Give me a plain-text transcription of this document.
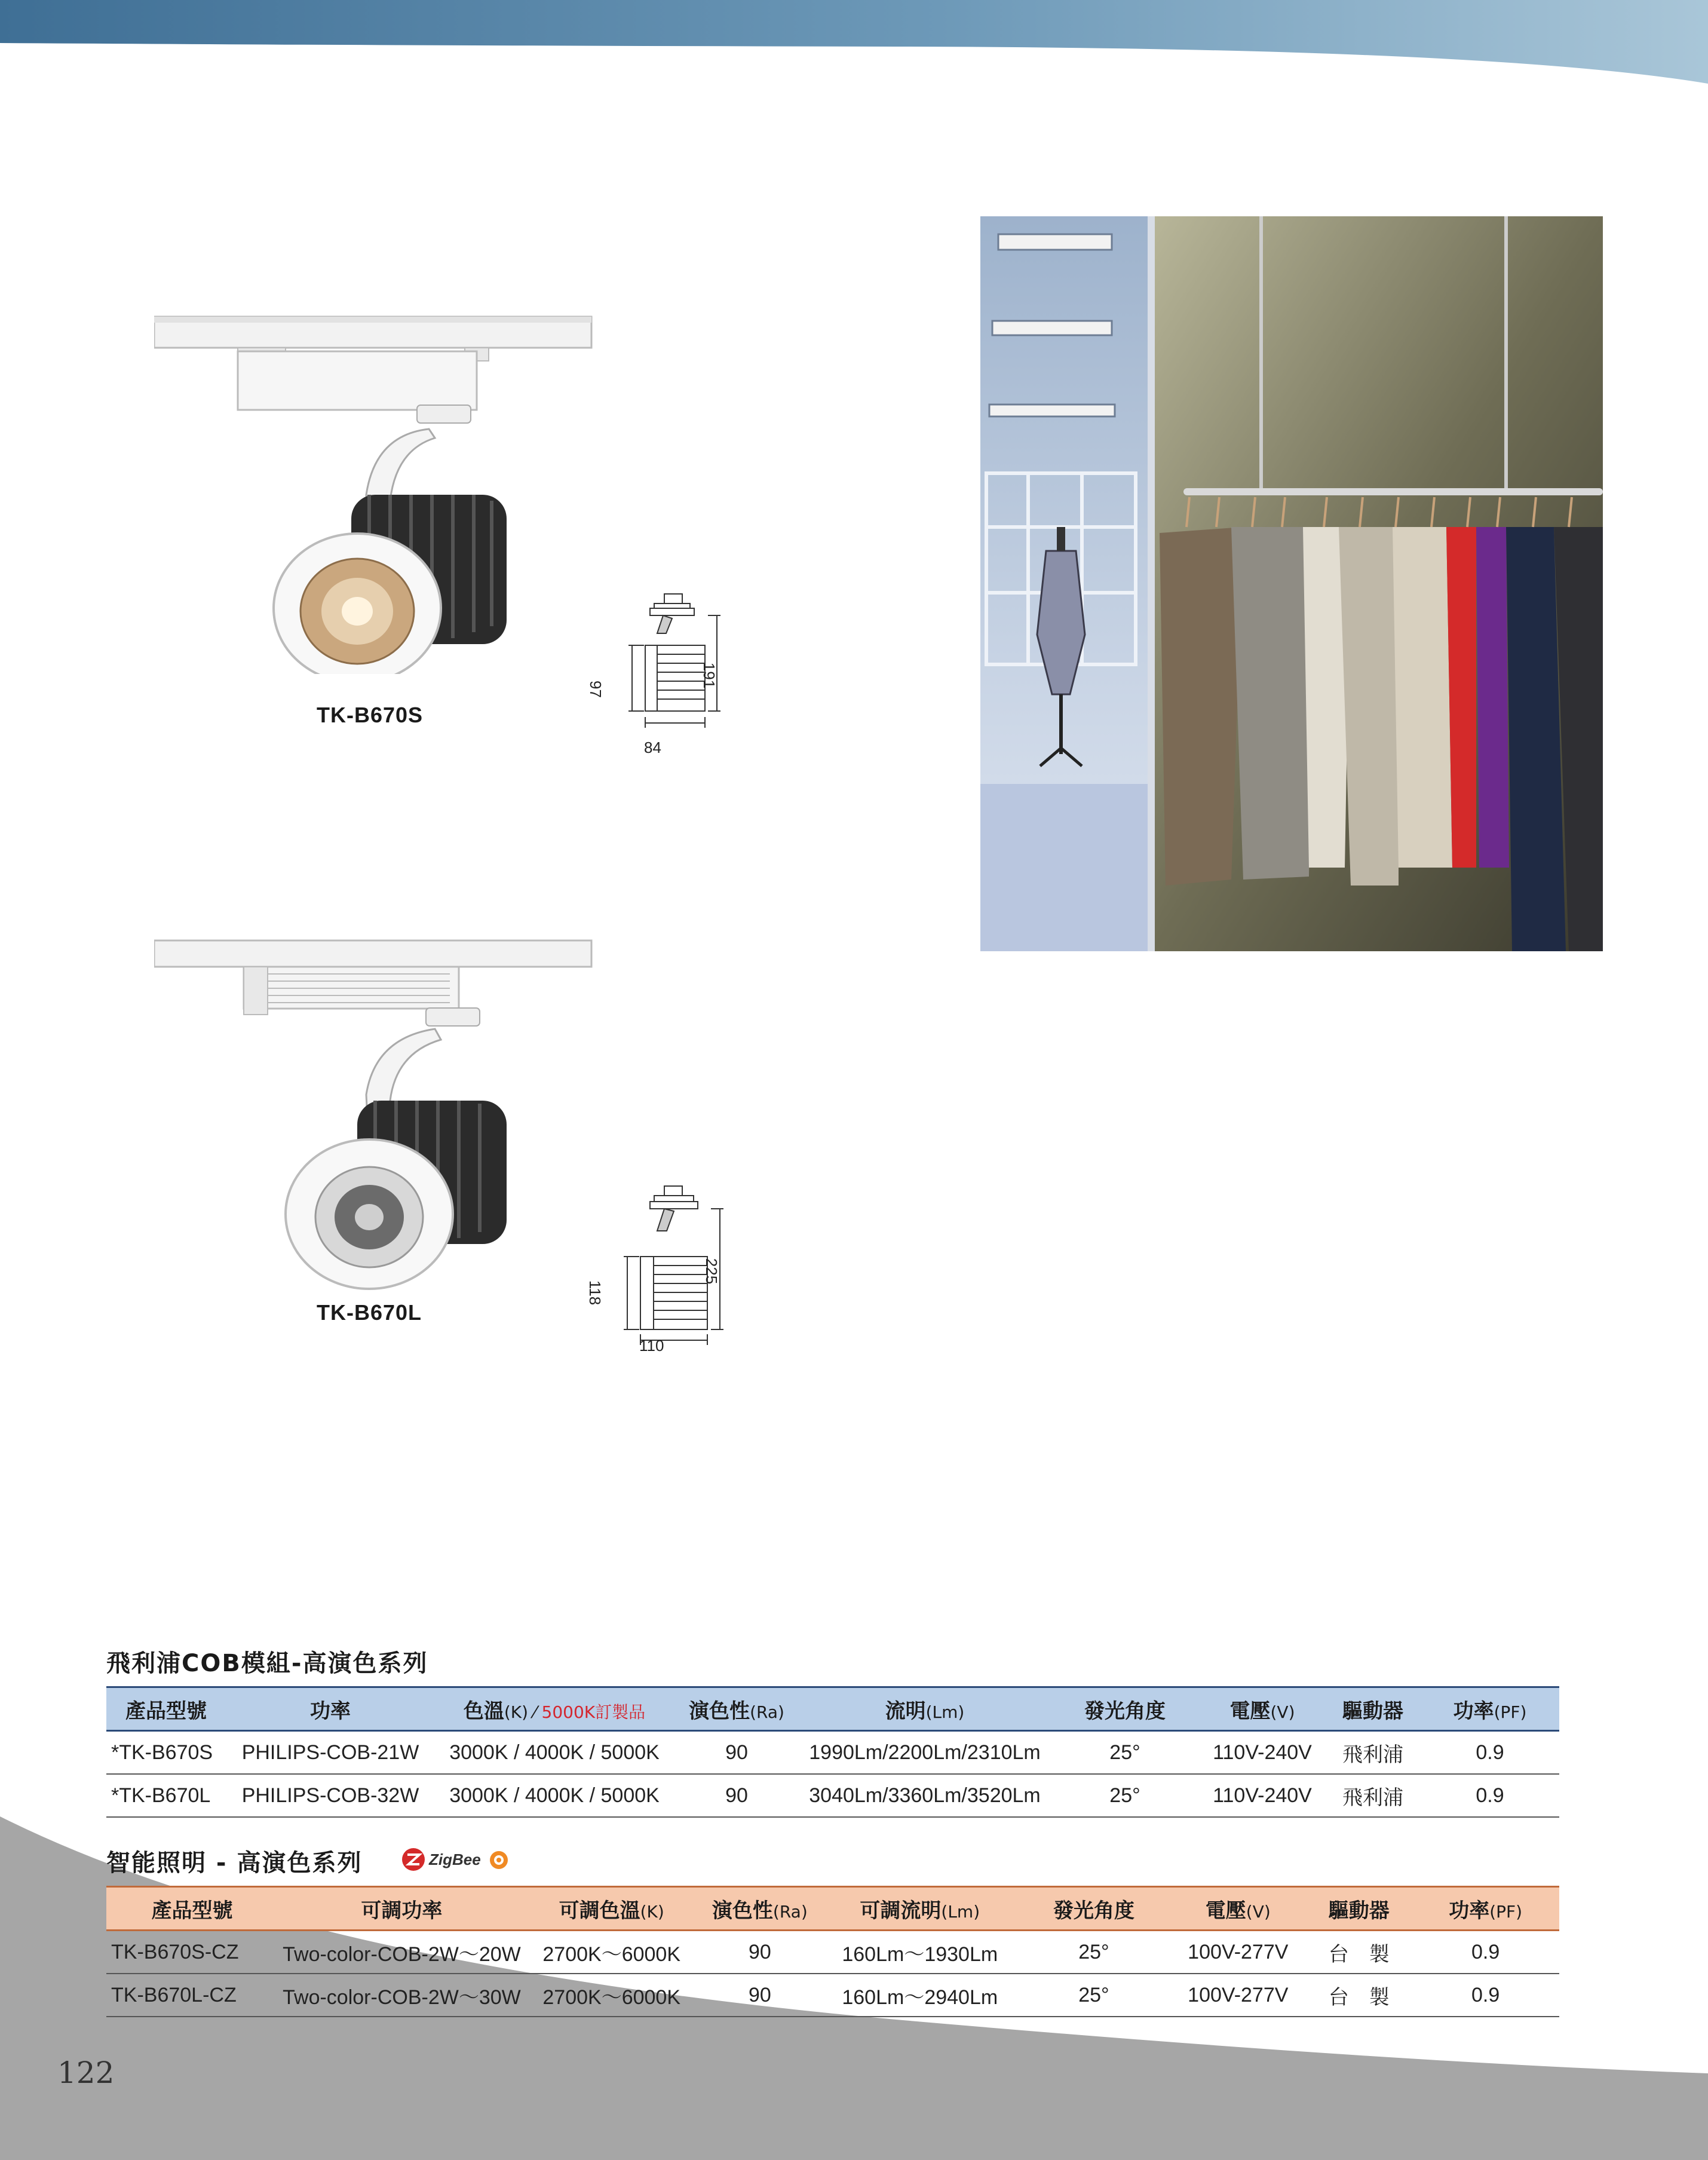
TK-B670S
97
191
84
TK-B670L
118
225
110
飛利浦COB模組-高演色系列
產品型號	功率	色溫(K) ⁄ 5000K訂製品	演色性(Ra)	流明(Lm)	發光角度	電壓(V)	驅動器	功率(PF)
*TK-B670S	PHILIPS-COB-21W	3000K / 4000K / 5000K	90	1990Lm/2200Lm/2310Lm	25°	110V-240V	飛利浦	0.9
*TK-B670L	PHILIPS-COB-32W	3000K / 4000K / 5000K	90	3040Lm/3360Lm/3520Lm	25°	110V-240V	飛利浦	0.9
智能照明 - 高演色系列	ZigBee
產品型號	可調功率	可調色溫(K)	演色性(Ra)	可調流明(Lm)	發光角度	電壓(V)	驅動器	功率(PF)
TK-B670S-CZ	Two-color-COB-2W～20W	2700K～6000K	90	160Lm～1930Lm	25°	100V-277V	台　製	0.9
TK-B670L-CZ	Two-color-COB-2W～30W	2700K～6000K	90	160Lm～2940Lm	25°	100V-277V	台　製	0.9
122
